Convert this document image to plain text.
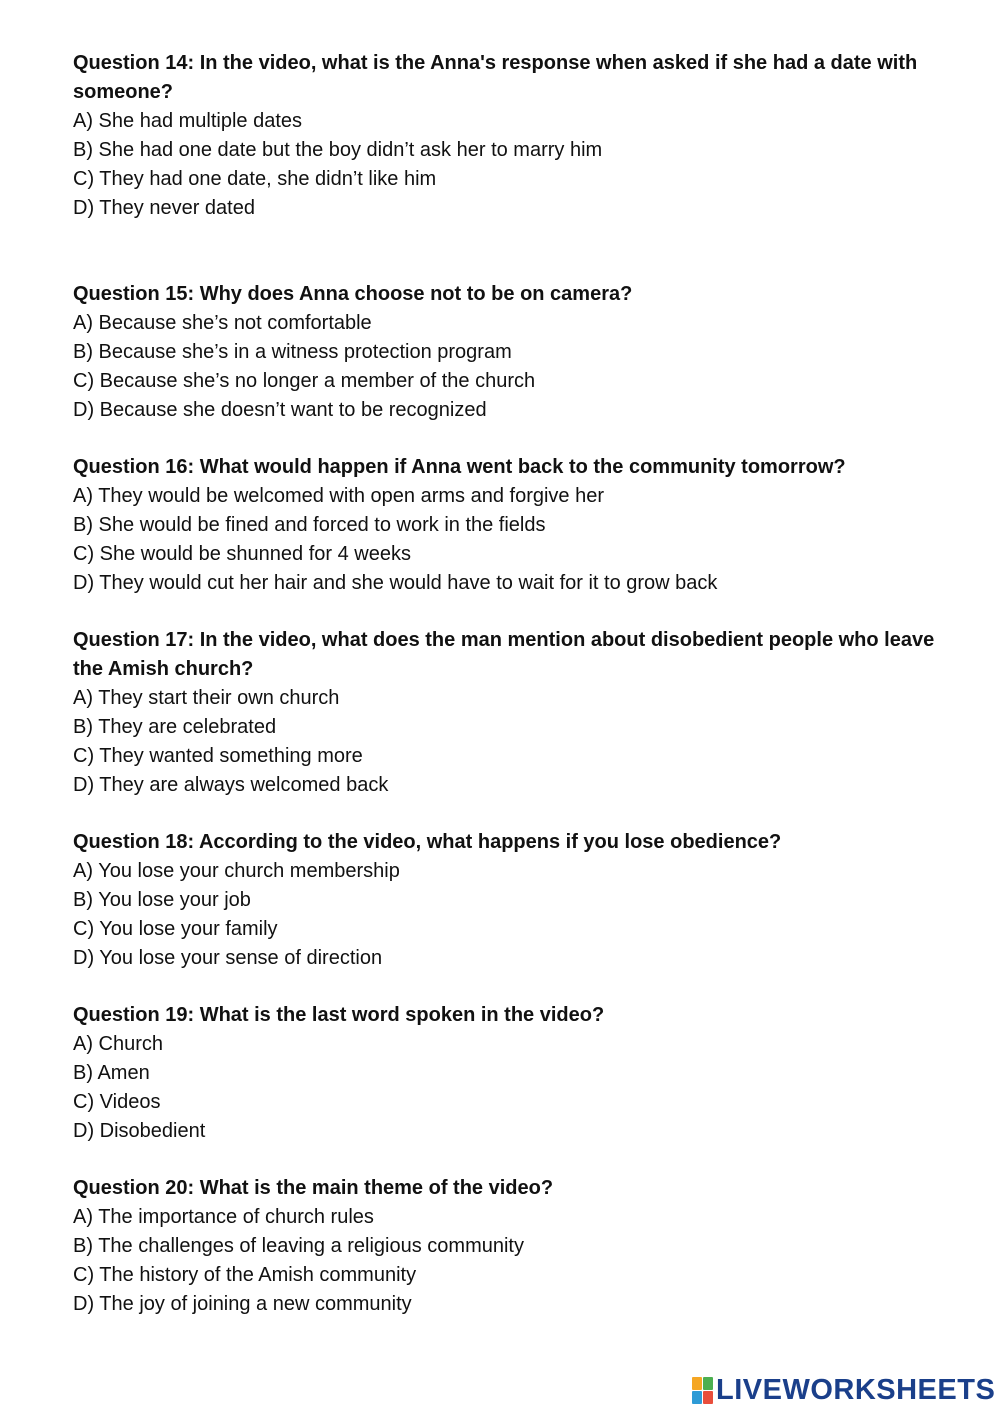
Question 14: In the video, what is the Anna's response when asked if she had a date with someone?

A) She had multiple dates

B) She had one date but the boy didn’t ask her to marry him

C) They had one date, she didn’t like him

D) They never dated

Question 15: Why does Anna choose not to be on camera?

A) Because she’s not comfortable

B) Because she’s in a witness protection program

C) Because she’s no longer a member of the church

D) Because she doesn’t want to be recognized

Question 16: What would happen if Anna went back to the community tomorrow?

A) They would be welcomed with open arms and forgive her

B) She would be fined and forced to work in the fields

C) She would be shunned for 4 weeks

D) They would cut her hair and she would have to wait for it to grow back

Question 17: In the video, what does the man mention about disobedient people who leave the Amish church?

A) They start their own church

B) They are celebrated

C) They wanted something more

D) They are always welcomed back

Question 18: According to the video, what happens if you lose obedience?

A) You lose your church membership

B) You lose your job

C) You lose your family

D) You lose your sense of direction

Question 19: What is the last word spoken in the video?

A) Church

B) Amen

C) Videos

D) Disobedient

Question 20: What is the main theme of the video?

A) The importance of church rules

B) The challenges of leaving a religious community

C) The history of the Amish community

D) The joy of joining a new community

LIVEWORKSHEETS
